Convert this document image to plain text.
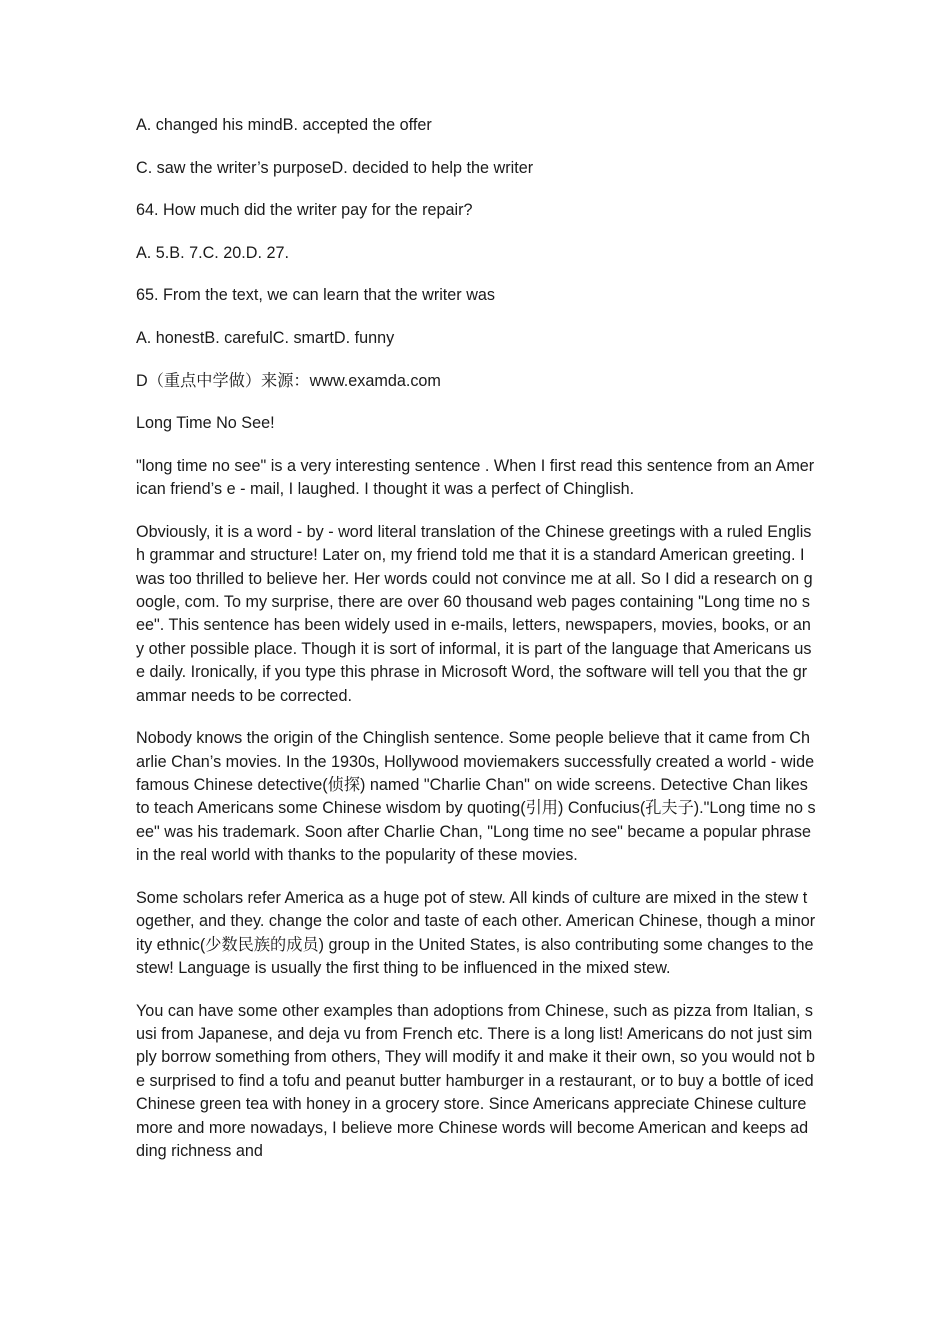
A. changed his mindB. accepted the offer

C. saw the writer’s purposeD. decided to help the writer

64. How much did the writer pay for the repair?

A. 5.B. 7.C. 20.D. 27.

65. From the text, we can learn that the writer was

A. honestB. carefulC. smartD. funny

D（重点中学做）来源：www.examda.com

Long Time No See!

"long time no see" is a very interesting sentence . When I first read this sentence from an American friend’s e - mail, I laughed. I thought it was a perfect of Chinglish.

Obviously, it is a word - by - word literal translation of the Chinese greetings with a ruled English grammar and structure! Later on, my friend told me that it is a standard American greeting. I was too thrilled to believe her. Her words could not convince me at all. So I did a research on google, com. To my surprise, there are over 60 thousand web pages containing "Long time no see". This sentence has been widely used in e-mails, letters, newspapers, movies, books, or any other possible place. Though it is sort of informal, it is part of the language that Americans use daily. Ironically, if you type this phrase in Microsoft Word, the software will tell you that the grammar needs to be corrected.

Nobody knows the origin of the Chinglish sentence. Some people believe that it came from Charlie Chan’s movies. In the 1930s, Hollywood moviemakers successfully created a world - wide famous Chinese detective(侦探) named "Charlie Chan" on wide screens. Detective Chan likes to teach Americans some Chinese wisdom by quoting(引用) Confucius(孔夫子)."Long time no see" was his trademark. Soon after Charlie Chan, "Long time no see" became a popular phrase in the real world with thanks to the popularity of these movies.

Some scholars refer America as a huge pot of stew. All kinds of culture are mixed in the stew together, and they. change the color and taste of each other. American Chinese, though a minority ethnic(少数民族的成员) group in the United States, is also contributing some changes to the stew! Language is usually the first thing to be influenced in the mixed stew.

You can have some other examples than adoptions from Chinese, such as pizza from Italian, susi from Japanese, and deja vu from French etc. There is a long list! Americans do not just simply borrow something from others, They will modify it and make it their own, so you would not be surprised to find a tofu and peanut butter hamburger in a restaurant, or to buy a bottle of iced Chinese green tea with honey in a grocery store. Since Americans appreciate Chinese culture more and more nowadays, I believe more Chinese words will become American and keeps adding richness and
